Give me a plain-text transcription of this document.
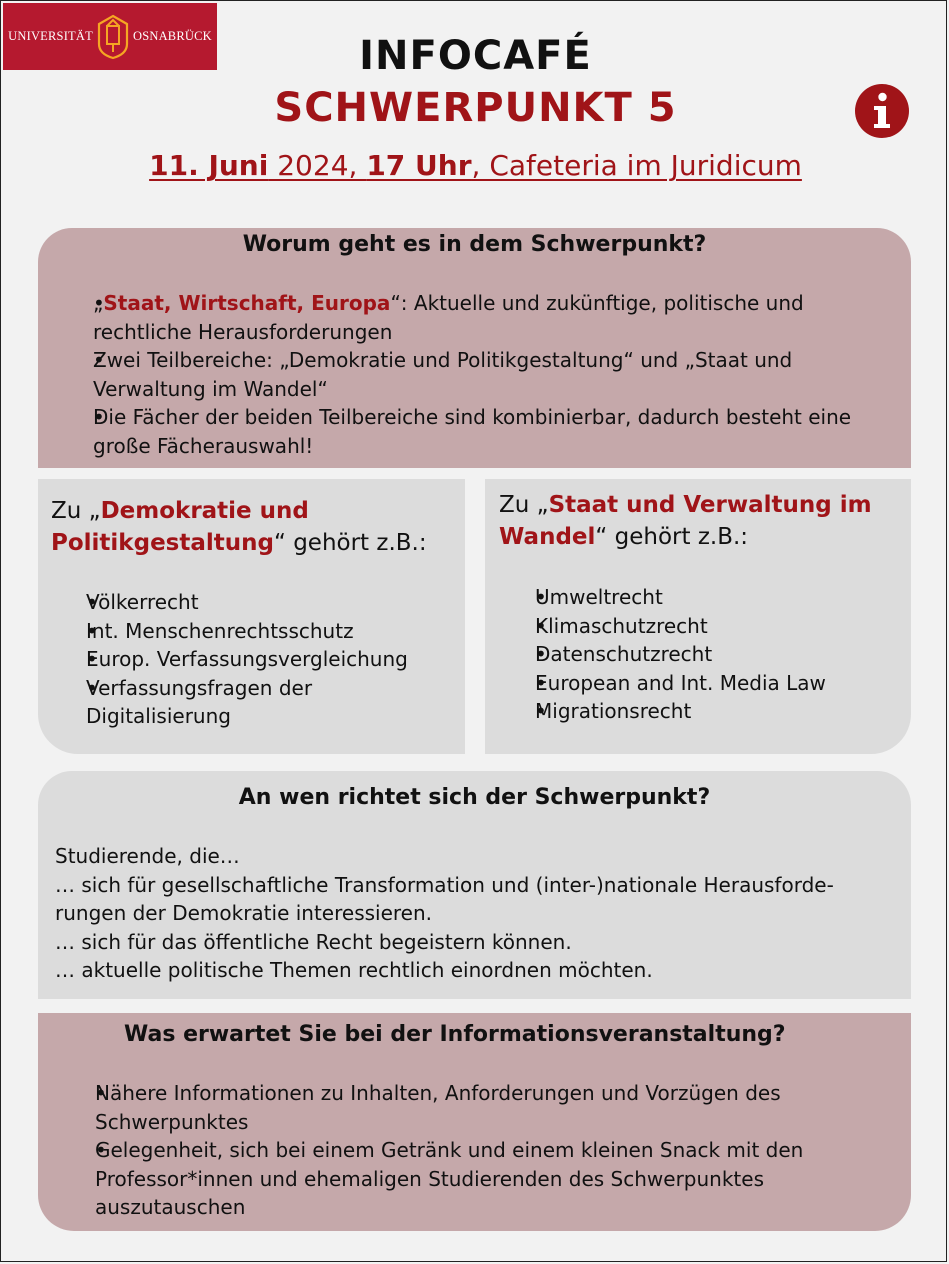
UNIVERSITÄT	OSNABRÜCK	INFOCAFÉ
SCHWERPUNKT 5
11. Juni 2024, 17 Uhr, Cafeteria im Juridicum
Worum geht es in dem Schwerpunkt?
• „Staat, Wirtschaft, Europa“: Aktuelle und zukünftige, politische und
rechtliche Herausforderungen
• Zwei Teilbereiche: „Demokratie und Politikgestaltung“ und „Staat und
Verwaltung im Wandel“
• Die Fächer der beiden Teilbereiche sind kombinierbar, dadurch besteht eine
große Fächerauswahl!
Zu „Demokratie und
Politikgestaltung“ gehört z.B.:
• Völkerrecht
• Int. Menschenrechtsschutz
• Europ. Verfassungsvergleichung
• Verfassungsfragen der
Digitalisierung
Zu „Staat und Verwaltung im
Wandel“ gehört z.B.:
• Umweltrecht
• Klimaschutzrecht
• Datenschutzrecht
• European and Int. Media Law
• Migrationsrecht
An wen richtet sich der Schwerpunkt?

Studierende, die…

… sich für gesellschaftliche Transformation und (inter-)nationale Herausforde-

rungen der Demokratie interessieren.

… sich für das öffentliche Recht begeistern können.

… aktuelle politische Themen rechtlich einordnen möchten.

Was erwartet Sie bei der Informationsveranstaltung?
• Nähere Informationen zu Inhalten, Anforderungen und Vorzügen des
Schwerpunktes
• Gelegenheit, sich bei einem Getränk und einem kleinen Snack mit den
Professor*innen und ehemaligen Studierenden des Schwerpunktes
auszutauschen
